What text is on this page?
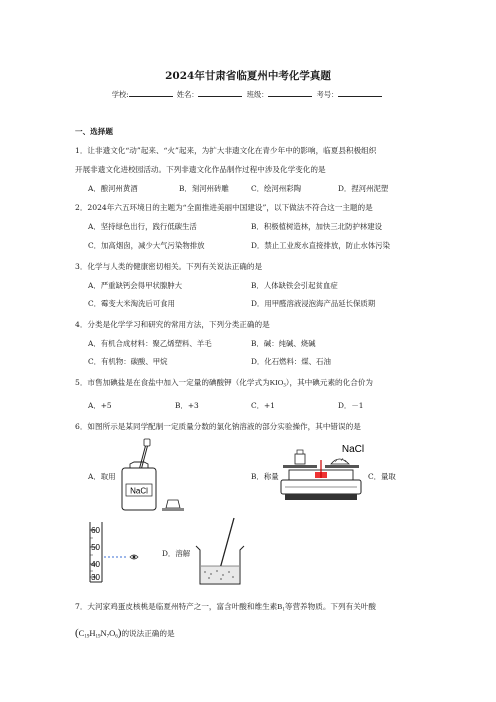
2024年甘肃省临夏州中考化学真题
学校:	姓名：	班级：	考号：
一、选择题
1．让非遗文化“动”起来、“火”起来，为扩大非遗文化在青少年中的影响，临夏县积极组织
开展非遗文化进校园活动。下列非遗文化作品制作过程中涉及化学变化的是
A．酿河州黄酒	B．刻河州砖雕	C．绘河州彩陶	D．捏河州泥塑
2．2024年六五环境日的主题为“全面推进美丽中国建设”，以下做法不符合这一主题的是
A．坚持绿色出行，践行低碳生活	B．积极植树造林，加快三北防护林建设
C．加高烟囱，减少大气污染物排放	D．禁止工业废水直接排放，防止水体污染
3．化学与人类的健康密切相关。下列有关说法正确的是
A．严重缺钙会得甲状腺肿大	B．人体缺铁会引起贫血症
C．霉变大米淘洗后可食用	D．用甲醛溶液浸泡海产品延长保质期
4．分类是化学学习和研究的常用方法，下列分类正确的是
A．有机合成材料：聚乙烯塑料、羊毛	B．碱：纯碱、烧碱
C．有机物：碳酸、甲烷	D．化石燃料：煤、石油
5．市售加碘盐是在食盐中加入一定量的碘酸钾（化学式为$KIO_3$），其中碘元素的化合价为
A．+5	B．+3	C．+1	D．－1
6．如图所示是某同学配制一定质量分数的氯化钠溶液的部分实验操作，其中错误的是
A．取用
NaCl
B．称量
NaCl
C．量取
60
50
40
30
D．溶解
7．大河家鸡蛋皮核桃是临夏州特产之一，富含叶酸和维生素$B_1$等营养物质。下列有关叶酸
$(C_{19}H_{19}N_7O_6)$的说法正确的是
